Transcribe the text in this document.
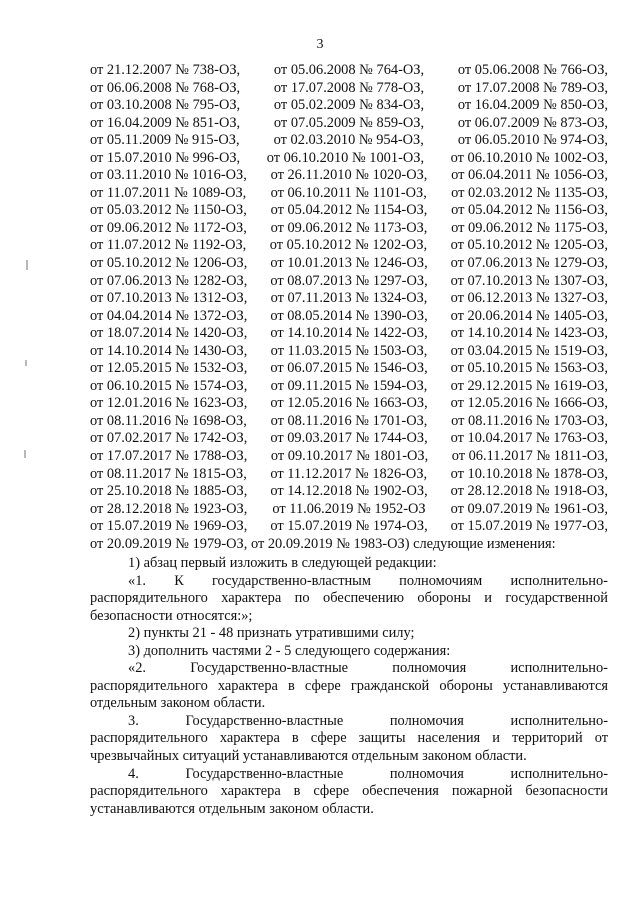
3
от 21.12.2007 № 738-ОЗ, от 05.06.2008 № 764-ОЗ, от 05.06.2008 № 766-ОЗ,
от 06.06.2008 № 768-ОЗ, от 17.07.2008 № 778-ОЗ, от 17.07.2008 № 789-ОЗ,
от 03.10.2008 № 795-ОЗ, от 05.02.2009 № 834-ОЗ, от 16.04.2009 № 850-ОЗ,
от 16.04.2009 № 851-ОЗ, от 07.05.2009 № 859-ОЗ, от 06.07.2009 № 873-ОЗ,
от 05.11.2009 № 915-ОЗ, от 02.03.2010 № 954-ОЗ, от 06.05.2010 № 974-ОЗ,
от 15.07.2010 № 996-ОЗ, от 06.10.2010 № 1001-ОЗ, от 06.10.2010 № 1002-ОЗ,
от 03.11.2010 № 1016-ОЗ, от 26.11.2010 № 1020-ОЗ, от 06.04.2011 № 1056-ОЗ,
от 11.07.2011 № 1089-ОЗ, от 06.10.2011 № 1101-ОЗ, от 02.03.2012 № 1135-ОЗ,
от 05.03.2012 № 1150-ОЗ, от 05.04.2012 № 1154-ОЗ, от 05.04.2012 № 1156-ОЗ,
от 09.06.2012 № 1172-ОЗ, от 09.06.2012 № 1173-ОЗ, от 09.06.2012 № 1175-ОЗ,
от 11.07.2012 № 1192-ОЗ, от 05.10.2012 № 1202-ОЗ, от 05.10.2012 № 1205-ОЗ,
от 05.10.2012 № 1206-ОЗ, от 10.01.2013 № 1246-ОЗ, от 07.06.2013 № 1279-ОЗ,
от 07.06.2013 № 1282-ОЗ, от 08.07.2013 № 1297-ОЗ, от 07.10.2013 № 1307-ОЗ,
от 07.10.2013 № 1312-ОЗ, от 07.11.2013 № 1324-ОЗ, от 06.12.2013 № 1327-ОЗ,
от 04.04.2014 № 1372-ОЗ, от 08.05.2014 № 1390-ОЗ, от 20.06.2014 № 1405-ОЗ,
от 18.07.2014 № 1420-ОЗ, от 14.10.2014 № 1422-ОЗ, от 14.10.2014 № 1423-ОЗ,
от 14.10.2014 № 1430-ОЗ, от 11.03.2015 № 1503-ОЗ, от 03.04.2015 № 1519-ОЗ,
от 12.05.2015 № 1532-ОЗ, от 06.07.2015 № 1546-ОЗ, от 05.10.2015 № 1563-ОЗ,
от 06.10.2015 № 1574-ОЗ, от 09.11.2015 № 1594-ОЗ, от 29.12.2015 № 1619-ОЗ,
от 12.01.2016 № 1623-ОЗ, от 12.05.2016 № 1663-ОЗ, от 12.05.2016 № 1666-ОЗ,
от 08.11.2016 № 1698-ОЗ, от 08.11.2016 № 1701-ОЗ, от 08.11.2016 № 1703-ОЗ,
от 07.02.2017 № 1742-ОЗ, от 09.03.2017 № 1744-ОЗ, от 10.04.2017 № 1763-ОЗ,
от 17.07.2017 № 1788-ОЗ, от 09.10.2017 № 1801-ОЗ, от 06.11.2017 № 1811-ОЗ,
от 08.11.2017 № 1815-ОЗ, от 11.12.2017 № 1826-ОЗ, от 10.10.2018 № 1878-ОЗ,
от 25.10.2018 № 1885-ОЗ, от 14.12.2018 № 1902-ОЗ, от 28.12.2018 № 1918-ОЗ,
от 28.12.2018 № 1923-ОЗ, от 11.06.2019 № 1952-ОЗ от 09.07.2019 № 1961-ОЗ,
от 15.07.2019 № 1969-ОЗ, от 15.07.2019 № 1974-ОЗ, от 15.07.2019 № 1977-ОЗ,
от 20.09.2019 № 1979-ОЗ, от 20.09.2019 № 1983-ОЗ) следующие изменения:

1) абзац первый изложить в следующей редакции:

«1. К государственно-властным полномочиям исполнительно-

распорядительного характера по обеспечению обороны и государственной безопасности относятся:»;

2) пункты 21 - 48 признать утратившими силу;

3) дополнить частями 2 - 5 следующего содержания:

«2.	Государственно-властные	полномочия	исполнительно-

распорядительного характера в сфере гражданской обороны устанавливаются отдельным законом области.

3.	Государственно-властные	полномочия	исполнительно-

распорядительного характера в сфере защиты населения и территорий от чрезвычайных ситуаций устанавливаются отдельным законом области.

4.	Государственно-властные	полномочия	исполнительно-

распорядительного характера в сфере обеспечения пожарной безопасности устанавливаются отдельным законом области.
